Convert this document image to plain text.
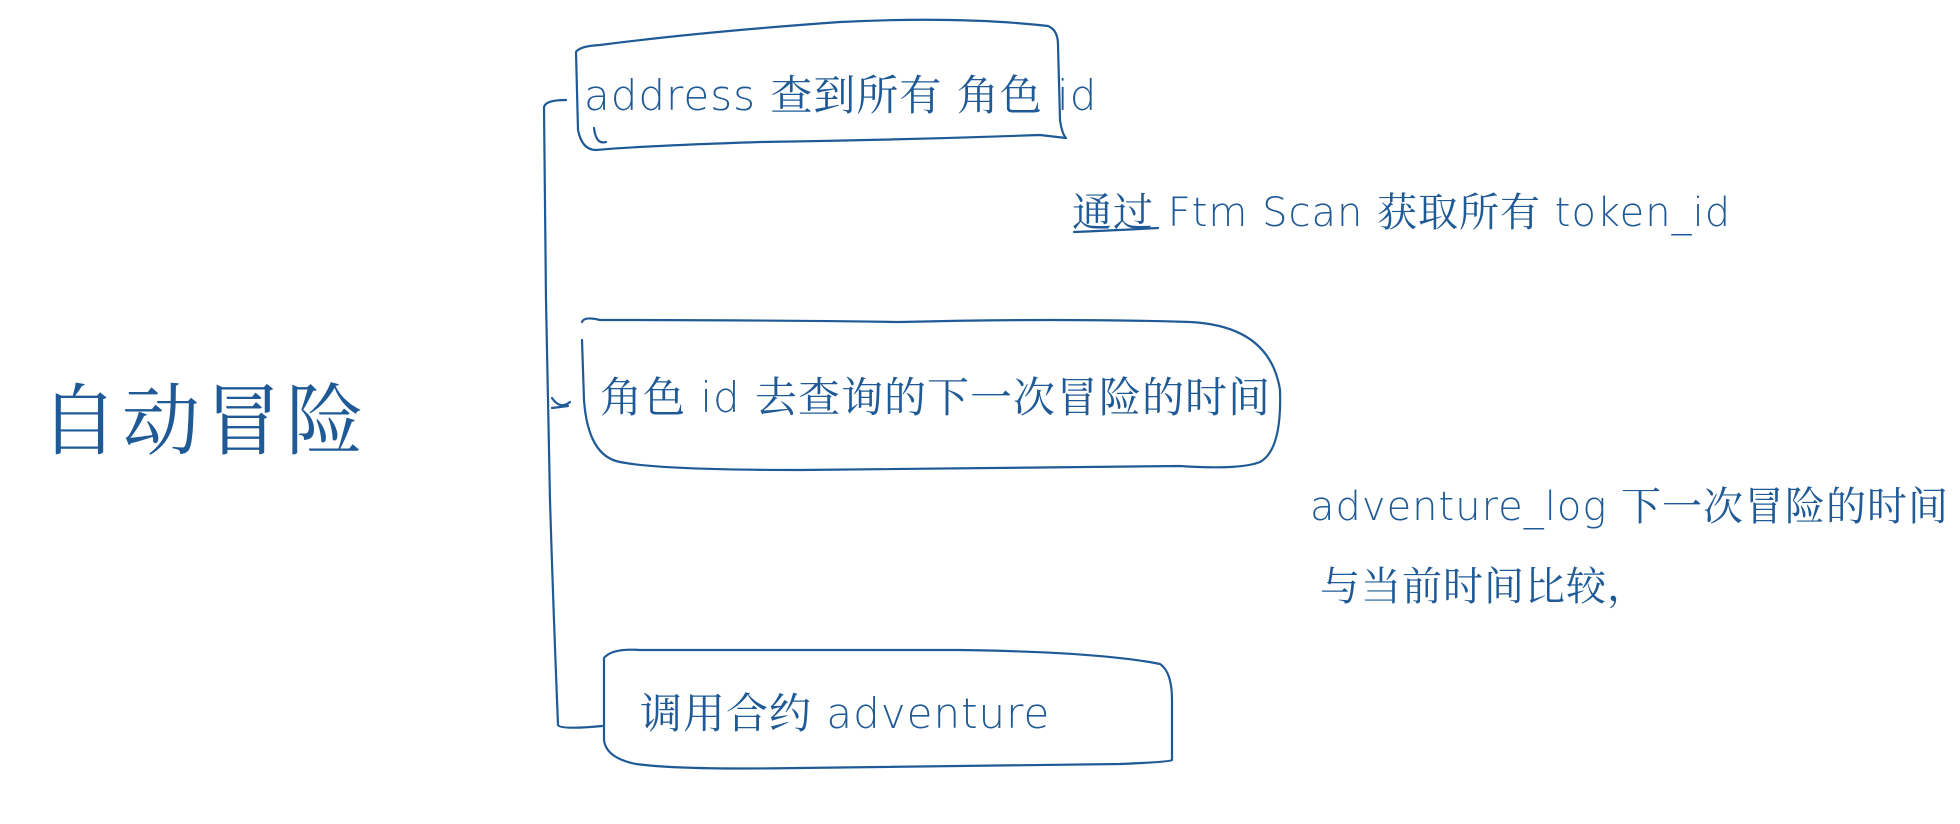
自动冒险
address 查到所有 角色 id
通过 Ftm Scan 获取所有 token_id
角色 id 去查询的下一次冒险的时间
adventure_log 下一次冒险的时间
与当前时间比较，
调用合约 adventure
